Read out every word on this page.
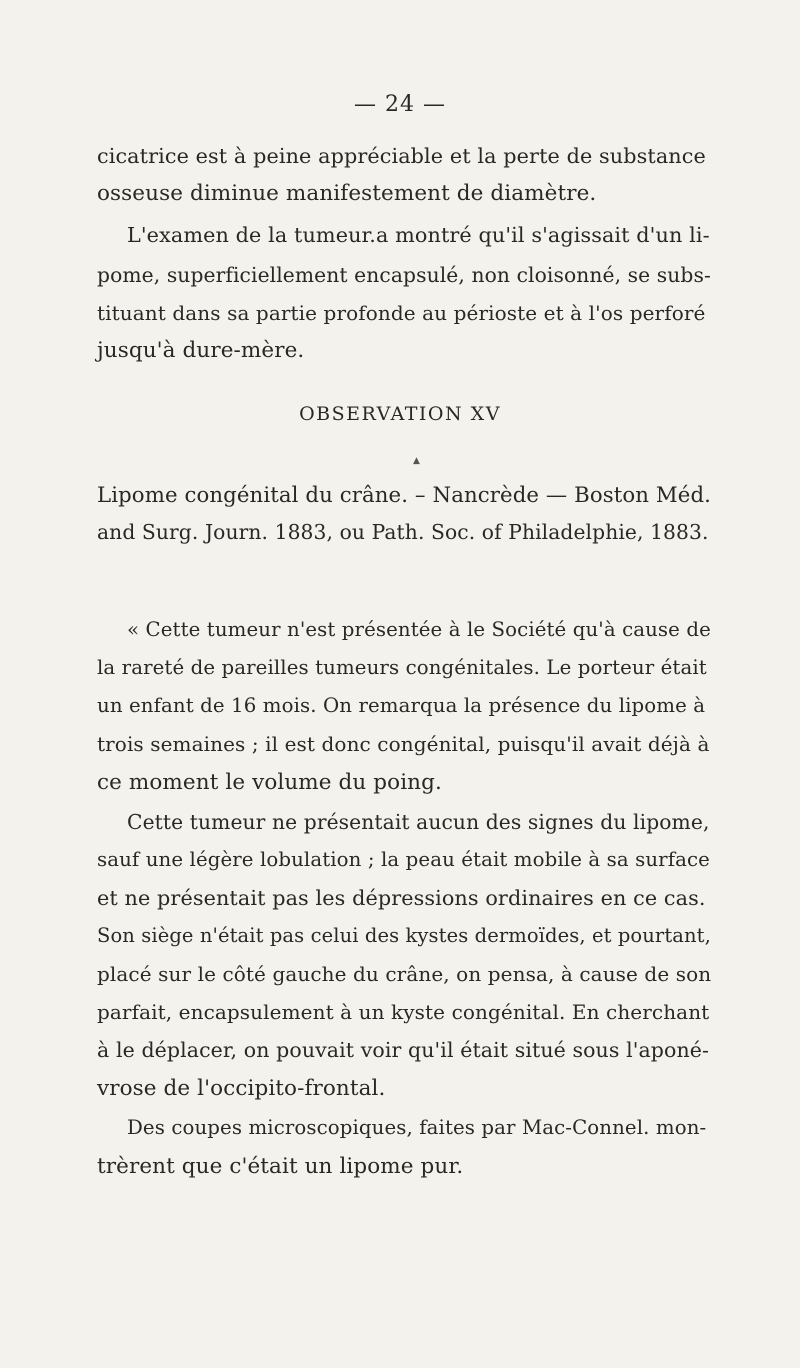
— 24 —
cicatrice est à peine appréciable et la perte de substance
osseuse diminue manifestement de diamètre.
L'examen de la tumeur.a montré qu'il s'agissait d'un li-
pome, superficiellement encapsulé, non cloisonné, se subs-
tituant dans sa partie profonde au périoste et à l'os perforé
jusqu'à dure-mère.
OBSERVATION XV
▲
Lipome congénital du crâne. – Nancrède — Boston Méd.
and Surg. Journ. 1883, ou Path. Soc. of Philadelphie, 1883.
« Cette tumeur n'est présentée à le Société qu'à cause de
la rareté de pareilles tumeurs congénitales. Le porteur était
un enfant de 16 mois. On remarqua la présence du lipome à
trois semaines ; il est donc congénital, puisqu'il avait déjà à
ce moment le volume du poing.
Cette tumeur ne présentait aucun des signes du lipome,
sauf une légère lobulation ; la peau était mobile à sa surface
et ne présentait pas les dépressions ordinaires en ce cas.
Son siège n'était pas celui des kystes dermoïdes, et pourtant,
placé sur le côté gauche du crâne, on pensa, à cause de son
parfait, encapsulement à un kyste congénital. En cherchant
à le déplacer, on pouvait voir qu'il était situé sous l'aponé-
vrose de l'occipito-frontal.
Des coupes microscopiques, faites par Mac-Connel. mon-
trèrent que c'était un lipome pur.
